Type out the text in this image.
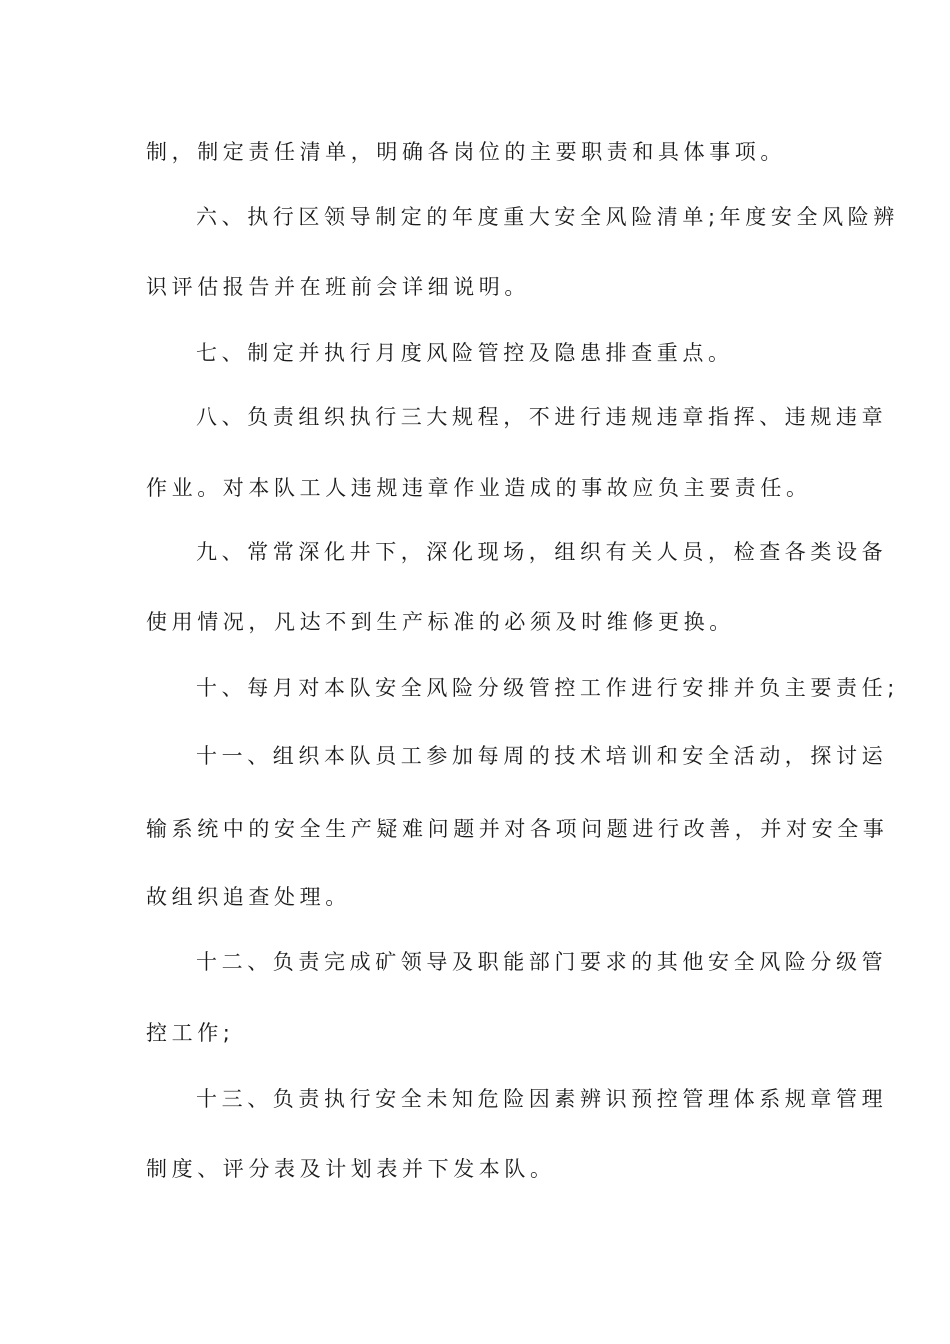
制，制定责任清单，明确各岗位的主要职责和具体事项。
六、执行区领导制定的年度重大安全风险清单;年度安全风险辨
识评估报告并在班前会详细说明。
七、制定并执行月度风险管控及隐患排查重点。
八、负责组织执行三大规程，不进行违规违章指挥、违规违章
作业。对本队工人违规违章作业造成的事故应负主要责任。
九、常常深化井下，深化现场，组织有关人员，检查各类设备
使用情况，凡达不到生产标准的必须及时维修更换。
十、每月对本队安全风险分级管控工作进行安排并负主要责任;
十一、组织本队员工参加每周的技术培训和安全活动，探讨运
输系统中的安全生产疑难问题并对各项问题进行改善，并对安全事
故组织追查处理。
十二、负责完成矿领导及职能部门要求的其他安全风险分级管
控工作;
十三、负责执行安全未知危险因素辨识预控管理体系规章管理
制度、评分表及计划表并下发本队。
